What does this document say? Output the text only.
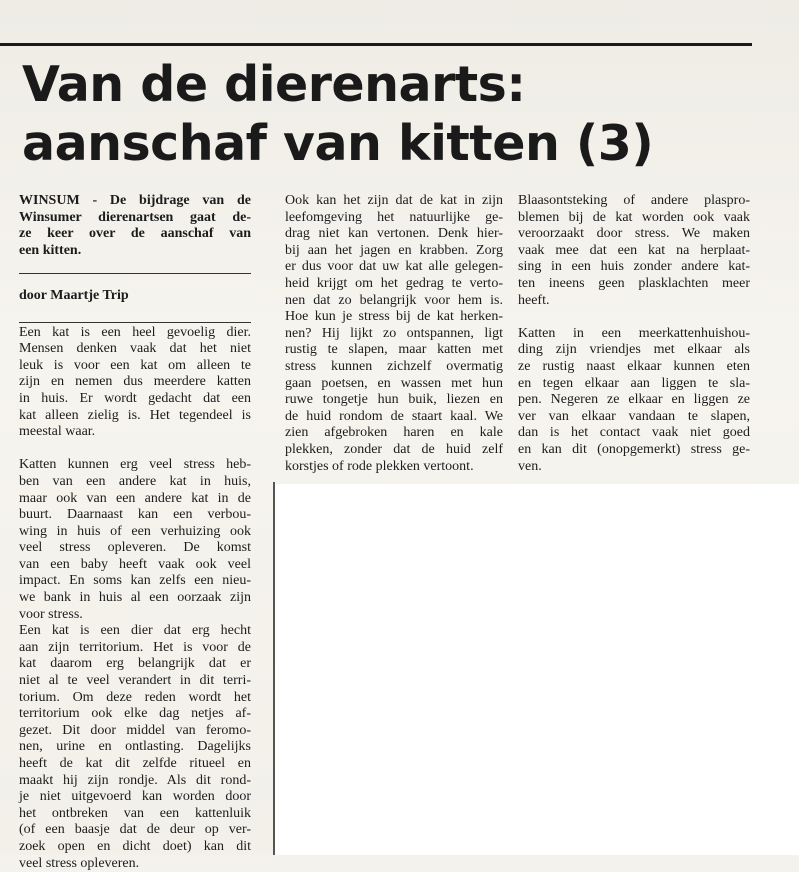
Van de dierenarts:
aanschaf van kitten (3)

WINSUM - De bijdrage van de
Winsumer dierenartsen gaat de-
ze keer over de aanschaf van
een kitten.

door Maartje Trip

Een kat is een heel gevoelig dier.
Mensen denken vaak dat het niet
leuk is voor een kat om alleen te
zijn en nemen dus meerdere katten
in huis. Er wordt gedacht dat een
kat alleen zielig is. Het tegendeel is
meestal waar.

Katten kunnen erg veel stress heb-
ben van een andere kat in huis,
maar ook van een andere kat in de
buurt. Daarnaast kan een verbou-
wing in huis of een verhuizing ook
veel stress opleveren. De komst
van een baby heeft vaak ook veel
impact. En soms kan zelfs een nieu-
we bank in huis al een oorzaak zijn
voor stress.

Een kat is een dier dat erg hecht
aan zijn territorium. Het is voor de
kat daarom erg belangrijk dat er
niet al te veel verandert in dit terri-
torium. Om deze reden wordt het
territorium ook elke dag netjes af-
gezet. Dit door middel van feromo-
nen, urine en ontlasting. Dagelijks
heeft de kat dit zelfde ritueel en
maakt hij zijn rondje. Als dit rond-
je niet uitgevoerd kan worden door
het ontbreken van een kattenluik
(of een baasje dat de deur op ver-
zoek open en dicht doet) kan dit
veel stress opleveren.

Ook kan het zijn dat de kat in zijn
leefomgeving het natuurlijke ge-
drag niet kan vertonen. Denk hier-
bij aan het jagen en krabben. Zorg
er dus voor dat uw kat alle gelegen-
heid krijgt om het gedrag te verto-
nen dat zo belangrijk voor hem is.
Hoe kun je stress bij de kat herken-
nen? Hij lijkt zo ontspannen, ligt
rustig te slapen, maar katten met
stress kunnen zichzelf overmatig
gaan poetsen, en wassen met hun
ruwe tongetje hun buik, liezen en
de huid rondom de staart kaal. We
zien afgebroken haren en kale
plekken, zonder dat de huid zelf
korstjes of rode plekken vertoont.

Blaasontsteking of andere plaspro-
blemen bij de kat worden ook vaak
veroorzaakt door stress. We maken
vaak mee dat een kat na herplaat-
sing in een huis zonder andere kat-
ten ineens geen plasklachten meer
heeft.

Katten in een meerkattenhuishou-
ding zijn vriendjes met elkaar als
ze rustig naast elkaar kunnen eten
en tegen elkaar aan liggen te sla-
pen. Negeren ze elkaar en liggen ze
ver van elkaar vandaan te slapen,
dan is het contact vaak niet goed
en kan dit (onopgemerkt) stress ge-
ven.
